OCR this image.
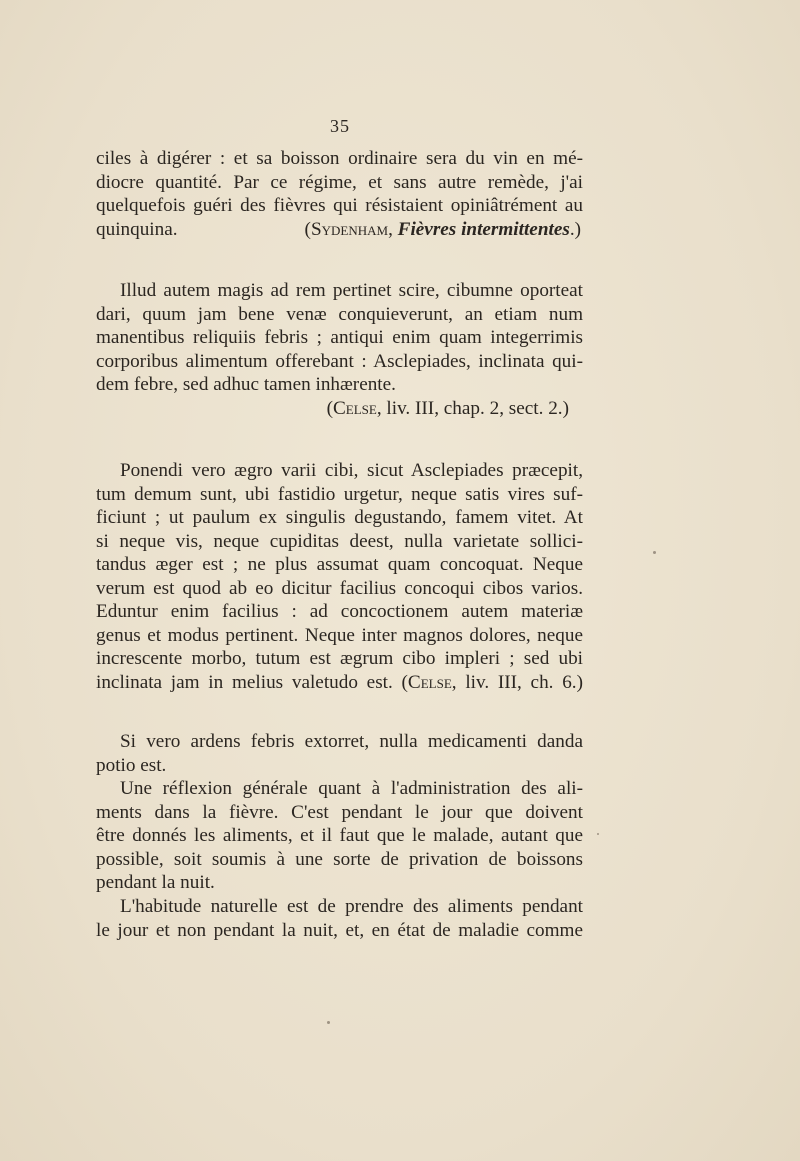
35
ciles à digérer : et sa boisson ordinaire sera du vin en mé-
diocre quantité. Par ce régime, et sans autre remède, j'ai
quelquefois guéri des fièvres qui résistaient opiniâtrément au
quinquina.	(Sydenham, Fièvres intermittentes.)
Illud autem magis ad rem pertinet scire, cibumne oporteat
dari, quum jam bene venæ conquieverunt, an etiam num
manentibus reliquiis febris ; antiqui enim quam integerrimis
corporibus alimentum offerebant : Asclepiades, inclinata qui-
dem febre, sed adhuc tamen inhærente.
(Celse, liv. III, chap. 2, sect. 2.)
Ponendi vero ægro varii cibi, sicut Asclepiades præcepit,
tum demum sunt, ubi fastidio urgetur, neque satis vires suf-
ficiunt ; ut paulum ex singulis degustando, famem vitet. At
si neque vis, neque cupiditas deest, nulla varietate sollici-
tandus æger est ; ne plus assumat quam concoquat. Neque
verum est quod ab eo dicitur facilius concoqui cibos varios.
Eduntur enim facilius : ad concoctionem autem materiæ
genus et modus pertinent. Neque inter magnos dolores, neque
increscente morbo, tutum est ægrum cibo impleri ; sed ubi
inclinata jam in melius valetudo est. (Celse, liv. III, ch. 6.)
Si vero ardens febris extorret, nulla medicamenti danda
potio est.
Une réflexion générale quant à l'administration des ali-
ments dans la fièvre. C'est pendant le jour que doivent
être donnés les aliments, et il faut que le malade, autant que
possible, soit soumis à une sorte de privation de boissons
pendant la nuit.
L'habitude naturelle est de prendre des aliments pendant
le jour et non pendant la nuit, et, en état de maladie comme
